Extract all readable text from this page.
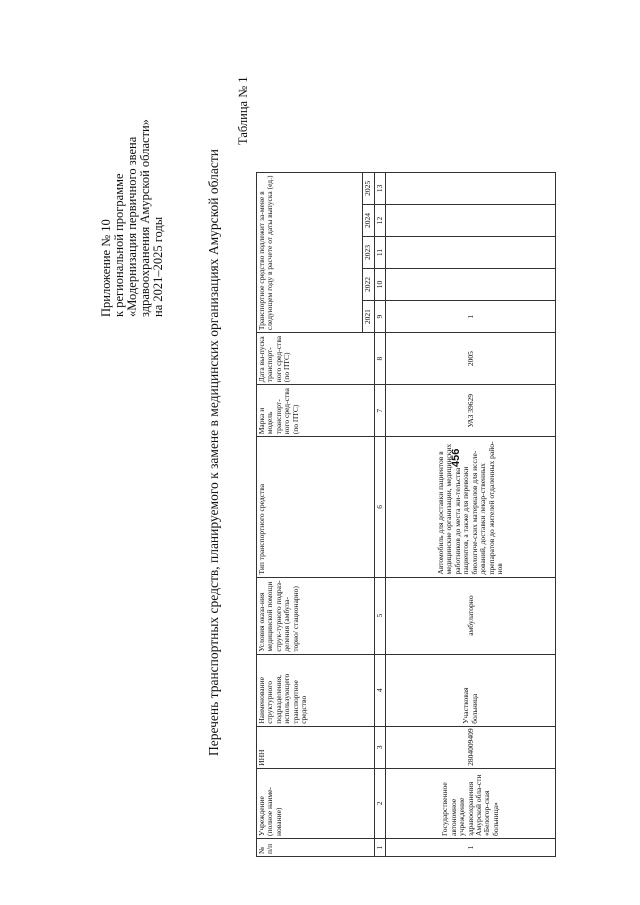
456
Приложение № 10 к региональной программе «Модернизация первичного звена здравоохранения Амурской области» на 2021–2025 годы
Таблица № 1
Перечень транспортных средств, планируемого к замене в медицинских организациях Амурской области
№ п/п	Учреждение (полное наиме-нование)	ИНН	Наименование структурного подразделения, использующего транспортное средство	Условия оказа-ния медицинской помощи струк-турного подраз-деления (амбула-торно/ стационарно)	Тип транспортного средства	Марка и модель транспорт-ного сред-ства (по ПТС)	Дата вы-пуска транспорт-ного сред-ства (по ПТС)	Транспортное средство подлежит за-мене в следующем году в расчете от даты выпуска (ед.)					
								2021	2022	2023	2024	2025	
1	2	3	4	5	6	7	8	9	10	11	12	13	
1	Государственное автономное учреждение здравоохранения Амурской обла-сти «Белогор-ская больница»	2804009409	Участковая больница	амбулаторно	Автомобиль для доставки пациентов в медицинские организации, медицинских работников до места жи-тельства пациентов, а также для перевозки биологиче-ских материалов для иссле-дований, доставки лекар-ственных препаратов до жителей отдаленных райо-нов	УАЗ 39629	2005	1					
